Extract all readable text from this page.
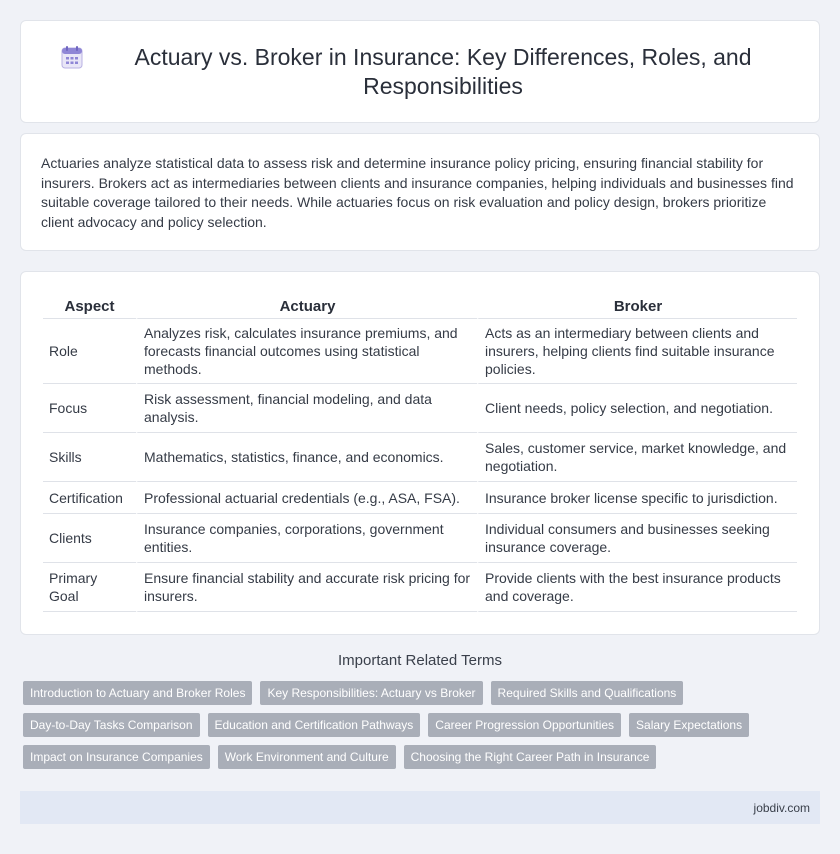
Actuary vs. Broker in Insurance: Key Differences, Roles, and Responsibilities

Actuaries analyze statistical data to assess risk and determine insurance policy pricing, ensuring financial stability for insurers. Brokers act as intermediaries between clients and insurance companies, helping individuals and businesses find suitable coverage tailored to their needs. While actuaries focus on risk evaluation and policy design, brokers prioritize client advocacy and policy selection.

Aspect	Actuary	Broker
Role	Analyzes risk, calculates insurance premiums, and forecasts financial outcomes using statistical methods.	Acts as an intermediary between clients and insurers, helping clients find suitable insurance policies.
Focus	Risk assessment, financial modeling, and data analysis.	Client needs, policy selection, and negotiation.
Skills	Mathematics, statistics, finance, and economics.	Sales, customer service, market knowledge, and negotiation.
Certification	Professional actuarial credentials (e.g., ASA, FSA).	Insurance broker license specific to jurisdiction.
Clients	Insurance companies, corporations, government entities.	Individual consumers and businesses seeking insurance coverage.
Primary Goal	Ensure financial stability and accurate risk pricing for insurers.	Provide clients with the best insurance products and coverage.
Important Related Terms
Introduction to Actuary and Broker Roles	Key Responsibilities: Actuary vs Broker	Required Skills and Qualifications
Day-to-Day Tasks Comparison	Education and Certification Pathways	Career Progression Opportunities	Salary Expectations
Impact on Insurance Companies	Work Environment and Culture	Choosing the Right Career Path in Insurance
jobdiv.com
